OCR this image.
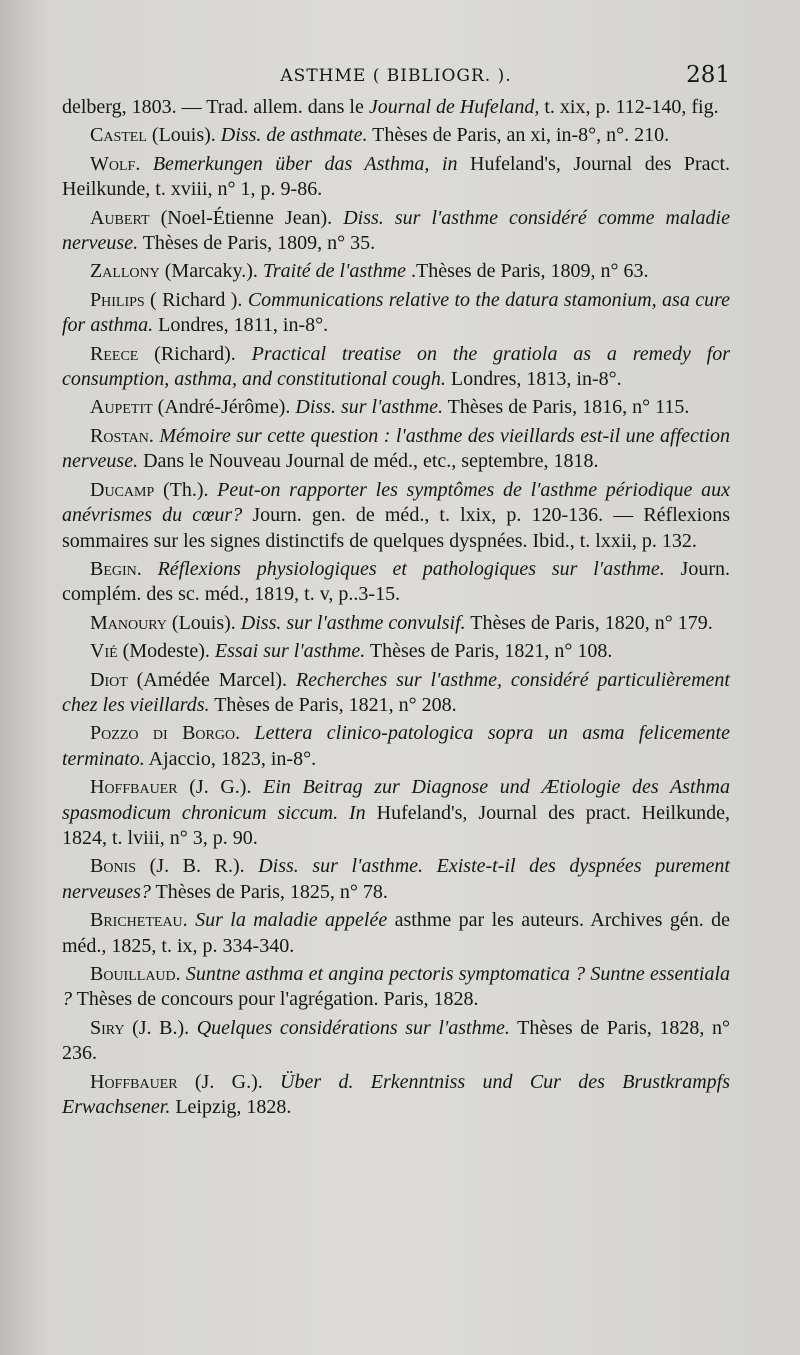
ASTHME ( BIBLIOGR. ).	281

delberg, 1803. — Trad. allem. dans le Journal de Hufeland, t. xix, p. 112-140, fig.

Castel (Louis). Diss. de asthmate. Thèses de Paris, an xi, in-8°, n°. 210.

Wolf. Bemerkungen über das Asthma, in Hufeland's, Journal des Pract. Heilkunde, t. xviii, n° 1, p. 9-86.

Aubert (Noel-Étienne Jean). Diss. sur l'asthme considéré comme maladie nerveuse. Thèses de Paris, 1809, n° 35.

Zallony (Marcaky.). Traité de l'asthme .Thèses de Paris, 1809, n° 63.

Philips ( Richard ). Communications relative to the datura stamonium, asa cure for asthma. Londres, 1811, in-8°.

Reece (Richard). Practical treatise on the gratiola as a remedy for consumption, asthma, and constitutional cough. Londres, 1813, in-8°.

Aupetit (André-Jérôme). Diss. sur l'asthme. Thèses de Paris, 1816, n° 115.

Rostan. Mémoire sur cette question : l'asthme des vieillards est-il une affection nerveuse. Dans le Nouveau Journal de méd., etc., septembre, 1818.

Ducamp (Th.). Peut-on rapporter les symptômes de l'asthme périodique aux anévrismes du cœur? Journ. gen. de méd., t. lxix, p. 120-136. — Réflexions sommaires sur les signes distinctifs de quelques dyspnées. Ibid., t. lxxii, p. 132.

Begin. Réflexions physiologiques et pathologiques sur l'asthme. Journ. complém. des sc. méd., 1819, t. v, p..3-15.

Manoury (Louis). Diss. sur l'asthme convulsif. Thèses de Paris, 1820, n° 179.

Vié (Modeste). Essai sur l'asthme. Thèses de Paris, 1821, n° 108.

Diot (Amédée Marcel). Recherches sur l'asthme, considéré particulièrement chez les vieillards. Thèses de Paris, 1821, n° 208.

Pozzo di Borgo. Lettera clinico-patologica sopra un asma felicemente terminato. Ajaccio, 1823, in-8°.

Hoffbauer (J. G.). Ein Beitrag zur Diagnose und Ætiologie des Asthma spasmodicum chronicum siccum. In Hufeland's, Journal des pract. Heilkunde, 1824, t. lviii, n° 3, p. 90.

Bonis (J. B. R.). Diss. sur l'asthme. Existe-t-il des dyspnées purement nerveuses? Thèses de Paris, 1825, n° 78.

Bricheteau. Sur la maladie appelée asthme par les auteurs. Archives gén. de méd., 1825, t. ix, p. 334-340.

Bouillaud. Suntne asthma et angina pectoris symptomatica ? Suntne essentiala ? Thèses de concours pour l'agrégation. Paris, 1828.

Siry (J. B.). Quelques considérations sur l'asthme. Thèses de Paris, 1828, n° 236.

Hoffbauer (J. G.). Über d. Erkenntniss und Cur des Brustkrampfs Erwachsener. Leipzig, 1828.
